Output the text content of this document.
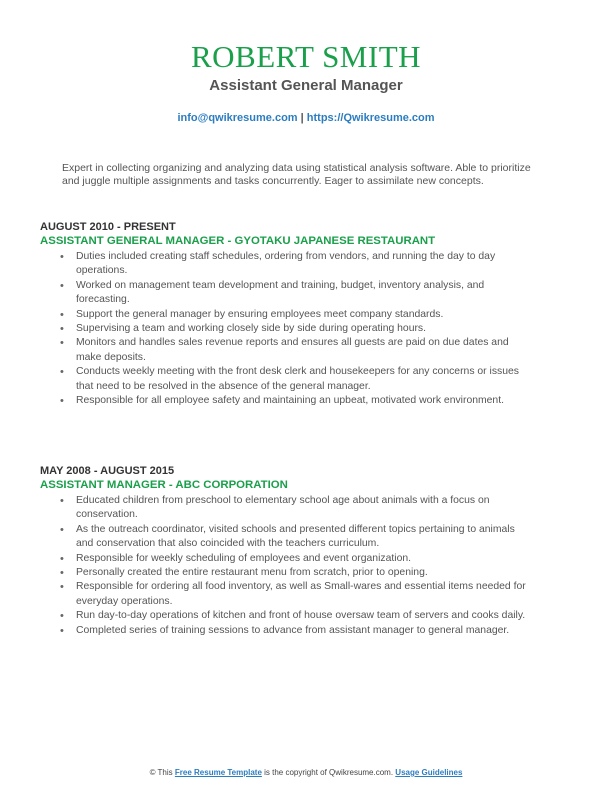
ROBERT SMITH
Assistant General Manager
info@qwikresume.com | https://Qwikresume.com
Expert in collecting organizing and analyzing data using statistical analysis software. Able to prioritize and juggle multiple assignments and tasks concurrently. Eager to assimilate new concepts.
AUGUST 2010 - PRESENT
ASSISTANT GENERAL MANAGER - GYOTAKU JAPANESE RESTAURANT
• Duties included creating staff schedules, ordering from vendors, and running the day to day operations.
• Worked on management team development and training, budget, inventory analysis, and forecasting.
• Support the general manager by ensuring employees meet company standards.
• Supervising a team and working closely side by side during operating hours.
• Monitors and handles sales revenue reports and ensures all guests are paid on due dates and make deposits.
• Conducts weekly meeting with the front desk clerk and housekeepers for any concerns or issues that need to be resolved in the absence of the general manager.
• Responsible for all employee safety and maintaining an upbeat, motivated work environment.
MAY 2008 - AUGUST 2015
ASSISTANT MANAGER - ABC CORPORATION
• Educated children from preschool to elementary school age about animals with a focus on conservation.
• As the outreach coordinator, visited schools and presented different topics pertaining to animals and conservation that also coincided with the teachers curriculum.
• Responsible for weekly scheduling of employees and event organization.
• Personally created the entire restaurant menu from scratch, prior to opening.
• Responsible for ordering all food inventory, as well as Small-wares and essential items needed for everyday operations.
• Run day-to-day operations of kitchen and front of house oversaw team of servers and cooks daily.
• Completed series of training sessions to advance from assistant manager to general manager.
© This Free Resume Template is the copyright of Qwikresume.com. Usage Guidelines
